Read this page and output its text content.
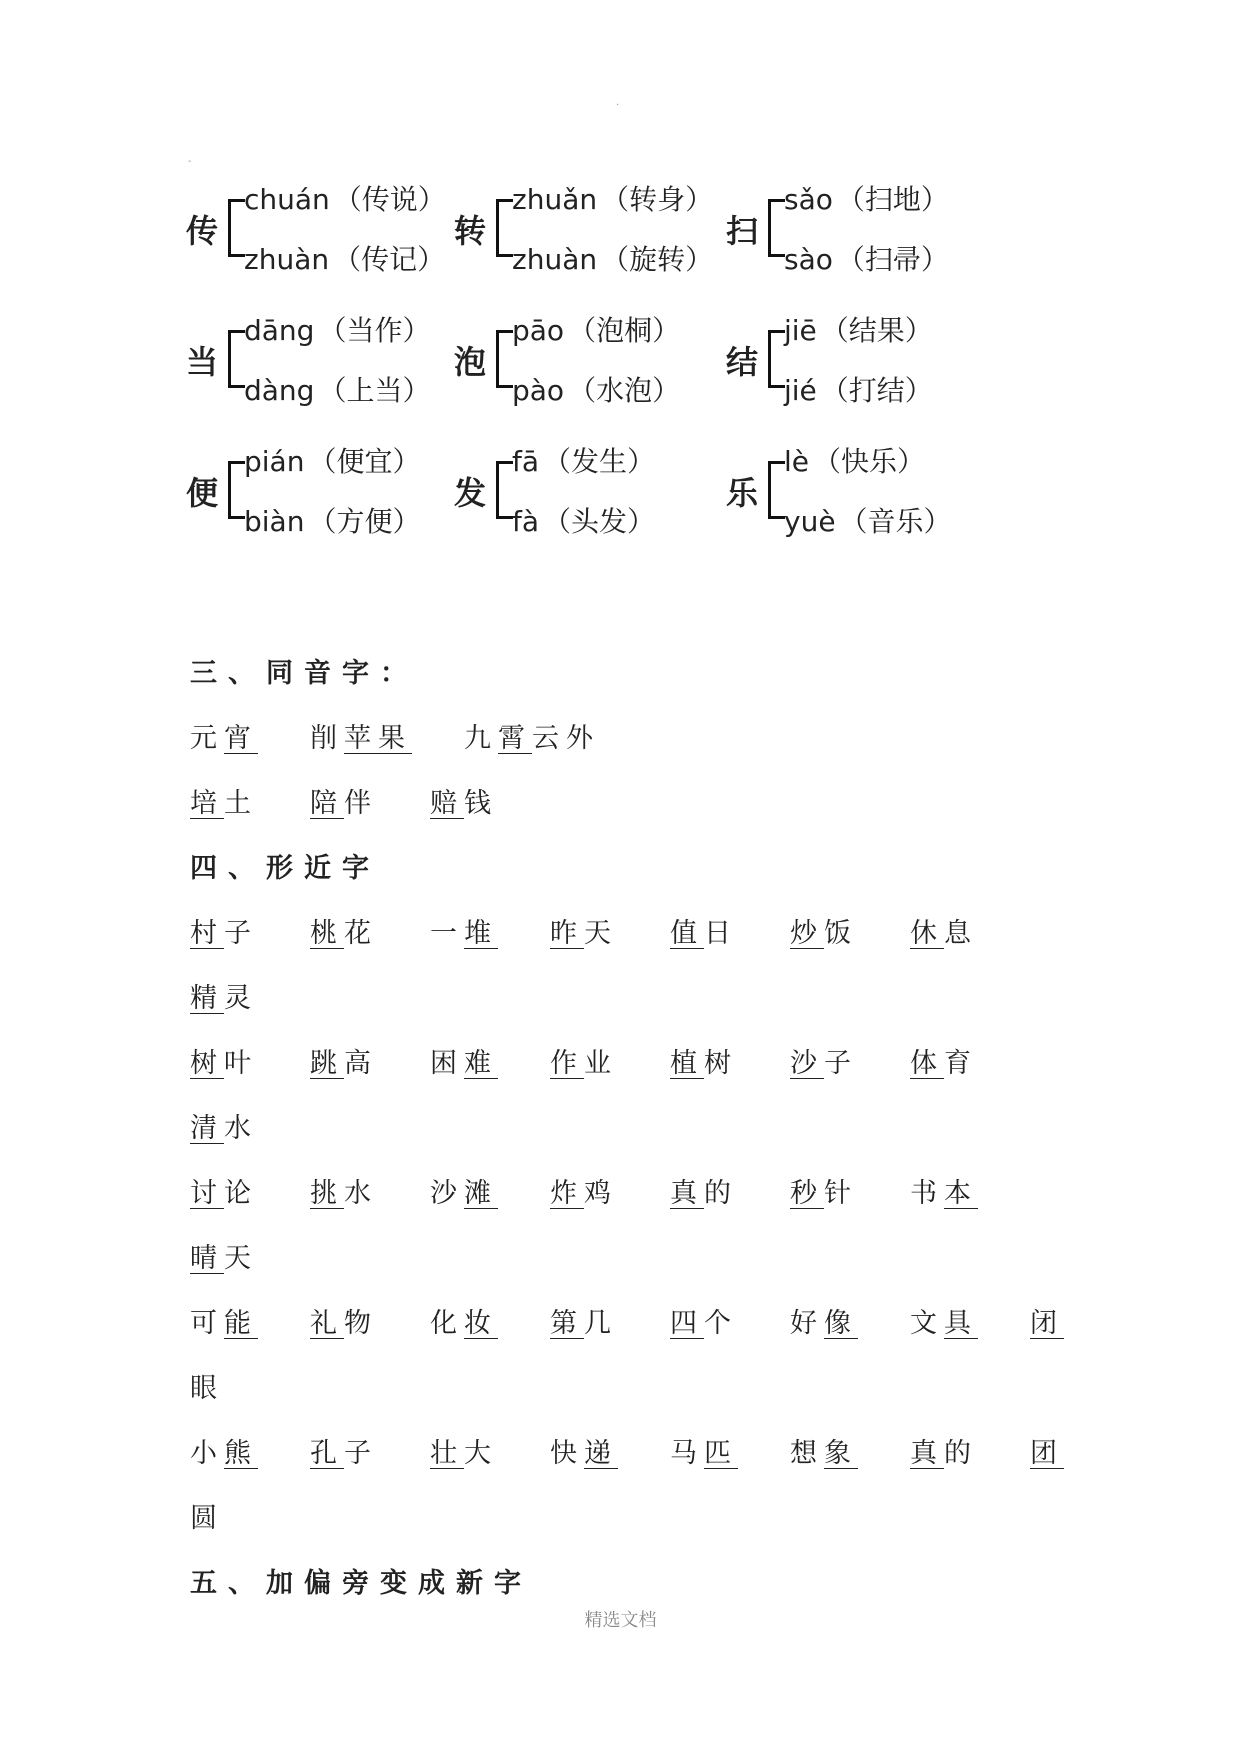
·
-
传
chuán （传说）
zhuàn （传记）
转
zhuǎn （转身）
zhuàn （旋转）
扫
sǎo （扫地）
sào （扫帚）
当
dāng （当作）
dàng （上当）
泡
pāo （泡桐）
pào （水泡）
结
jiē （结果）
jié （打结）
便
pián （便宜）
biàn （方便）
发
fā （发生）
fà （头发）
乐
lè （快乐）
yuè （音乐）
三、同音字：
元宵 削苹果 九霄云外
培土 陪伴 赔钱
四、形近字
村子 桃花 一堆 昨天 值日 炒饭 休息
精灵
树叶 跳高 困难 作业 植树 沙子 体育
清水
讨论 挑水 沙滩 炸鸡 真的 秒针 书本
晴天
可能 礼物 化妆 第几 四个 好像 文具 闭
眼
小熊 孔子 壮大 快递 马匹 想象 真的 团
圆
五、加偏旁变成新字
精选文档
